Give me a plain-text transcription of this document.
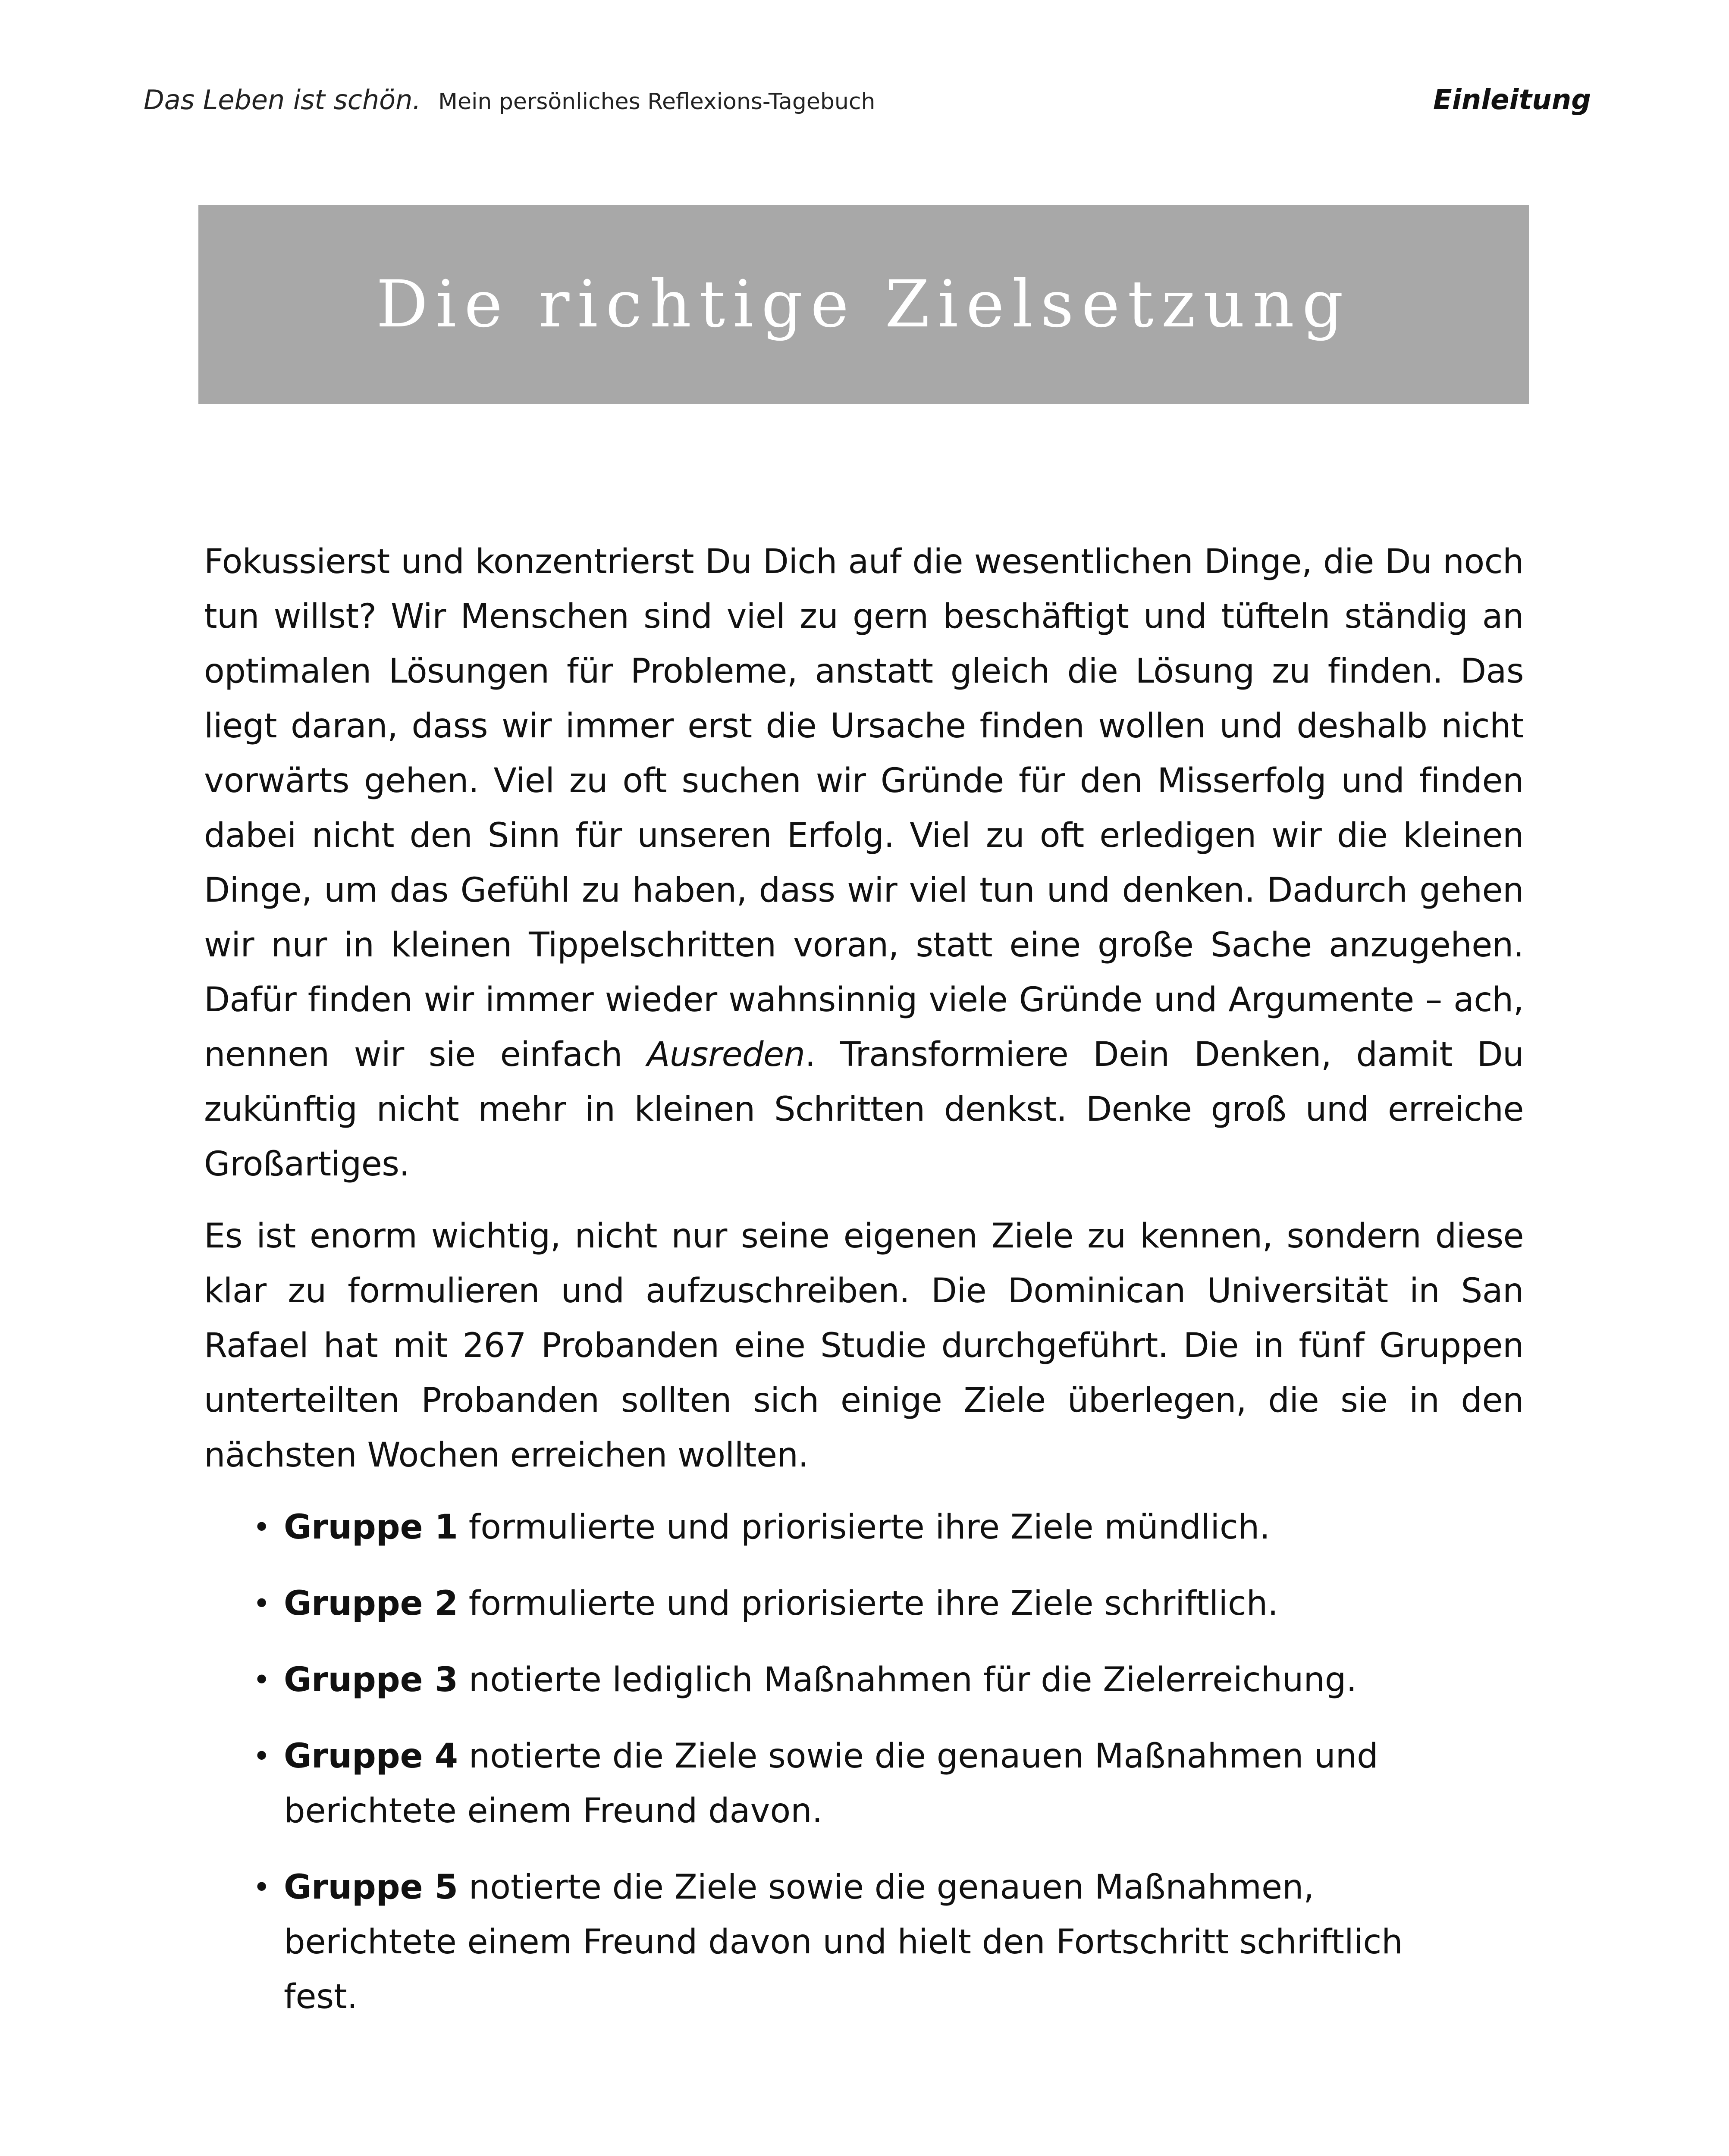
Das Leben ist schön. Mein persönliches Reflexions-Tagebuch	Einleitung
Die richtige Zielsetzung

Fokussierst und konzentrierst Du Dich auf die wesentlichen Dinge, die Du noch tun willst? Wir Menschen sind viel zu gern beschäftigt und tüfteln ständig an optimalen Lösungen für Probleme, anstatt gleich die Lösung zu finden. Das liegt daran, dass wir immer erst die Ursache finden wollen und deshalb nicht vorwärts gehen. Viel zu oft suchen wir Gründe für den Misserfolg und finden dabei nicht den Sinn für unseren Erfolg. Viel zu oft erledigen wir die kleinen Dinge, um das Gefühl zu haben, dass wir viel tun und denken. Dadurch gehen wir nur in kleinen Tippelschritten voran, statt eine große Sache anzugehen. Dafür finden wir immer wieder wahnsinnig viele Gründe und Argumente – ach, nennen wir sie einfach Ausreden. Transformiere Dein Denken, damit Du zukünftig nicht mehr in kleinen Schritten denkst. Denke groß und erreiche Großartiges.

Es ist enorm wichtig, nicht nur seine eigenen Ziele zu kennen, sondern diese klar zu formulieren und aufzuschreiben. Die Dominican Universität in San Rafael hat mit 267 Probanden eine Studie durchgeführt. Die in fünf Gruppen unterteilten Probanden sollten sich einige Ziele überlegen, die sie in den nächsten Wochen erreichen wollten.

• Gruppe 1 formulierte und priorisierte ihre Ziele mündlich.
• Gruppe 2 formulierte und priorisierte ihre Ziele schriftlich.
• Gruppe 3 notierte lediglich Maßnahmen für die Zielerreichung.
• Gruppe 4 notierte die Ziele sowie die genauen Maßnahmen und berichtete einem Freund davon.
• Gruppe 5 notierte die Ziele sowie die genauen Maßnahmen, berichtete einem Freund davon und hielt den Fortschritt schriftlich fest.
